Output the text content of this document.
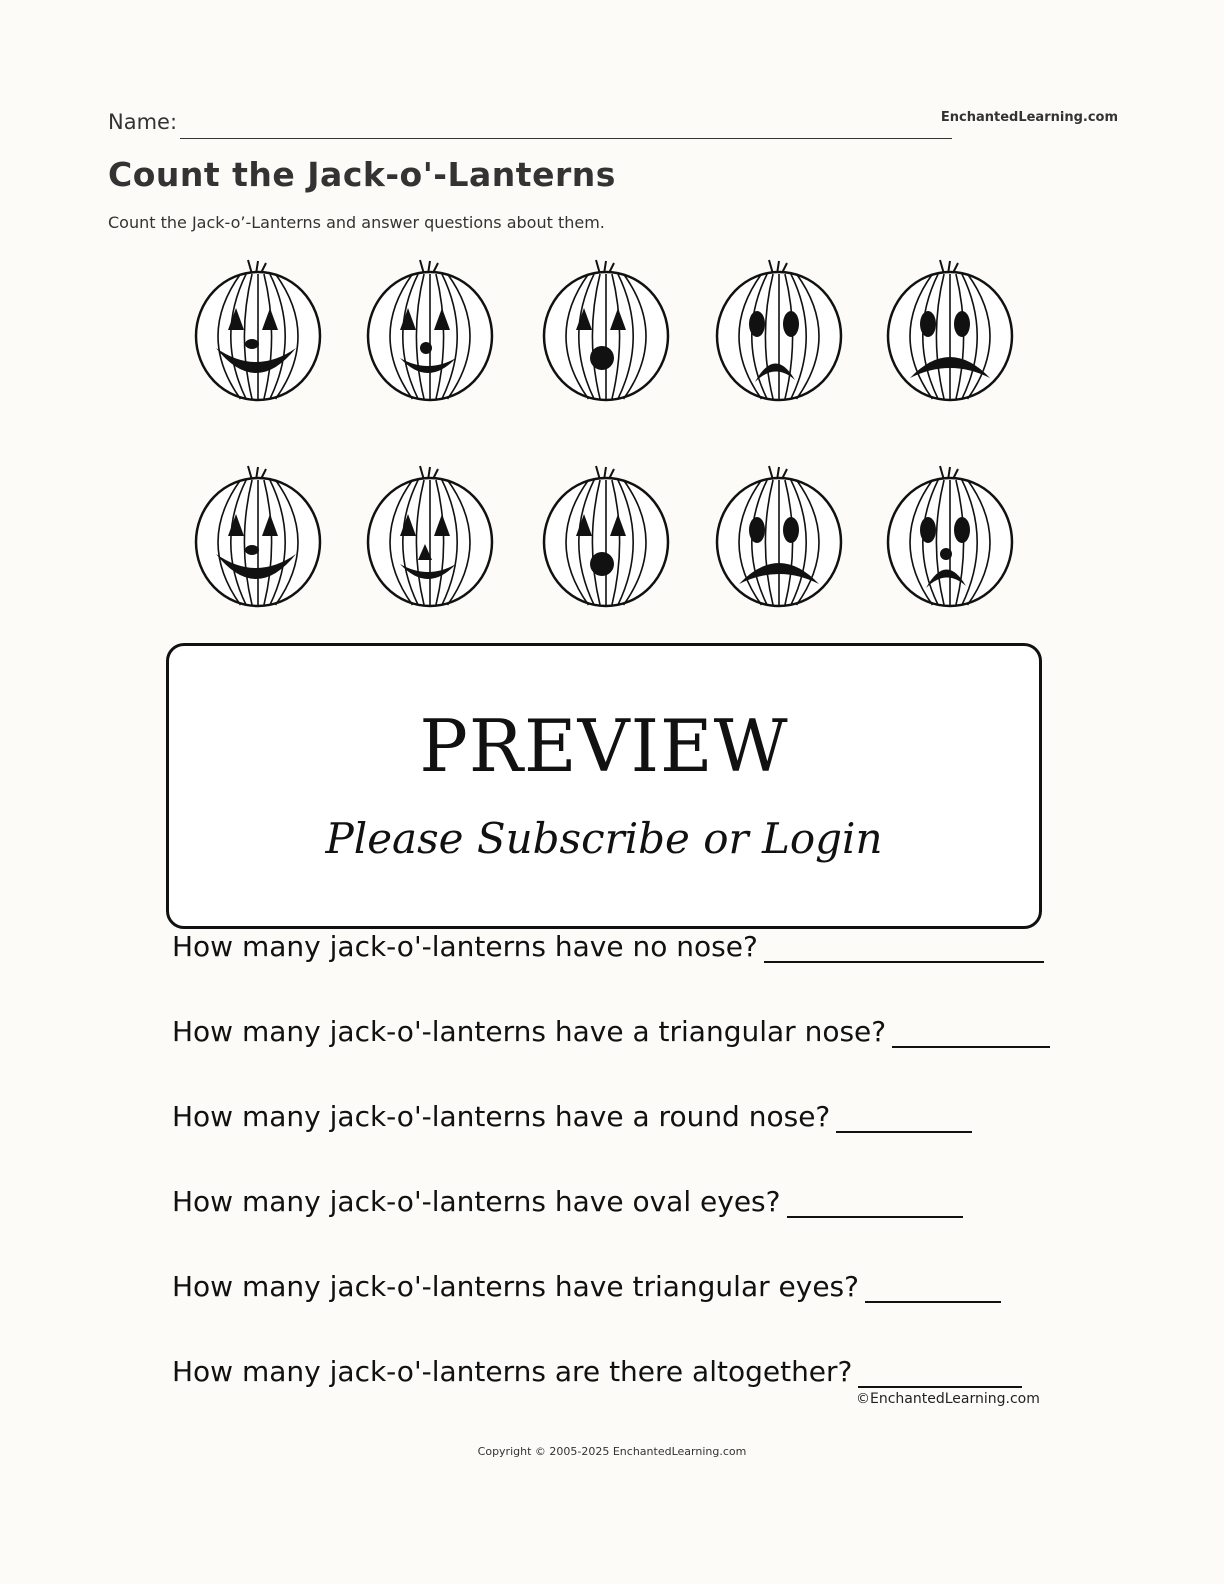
Name:	EnchantedLearning.com
Count the Jack-o'-Lanterns
Count the Jack-o’-Lanterns and answer questions about them.
PREVIEW
Please Subscribe or Login
How many jack-o'-lanterns have no nose?
How many jack-o'-lanterns have a triangular nose?
How many jack-o'-lanterns have a round nose?
How many jack-o'-lanterns have oval eyes?
How many jack-o'-lanterns have triangular eyes?
How many jack-o'-lanterns are there altogether?
©EnchantedLearning.com
Copyright © 2005-2025 EnchantedLearning.com
